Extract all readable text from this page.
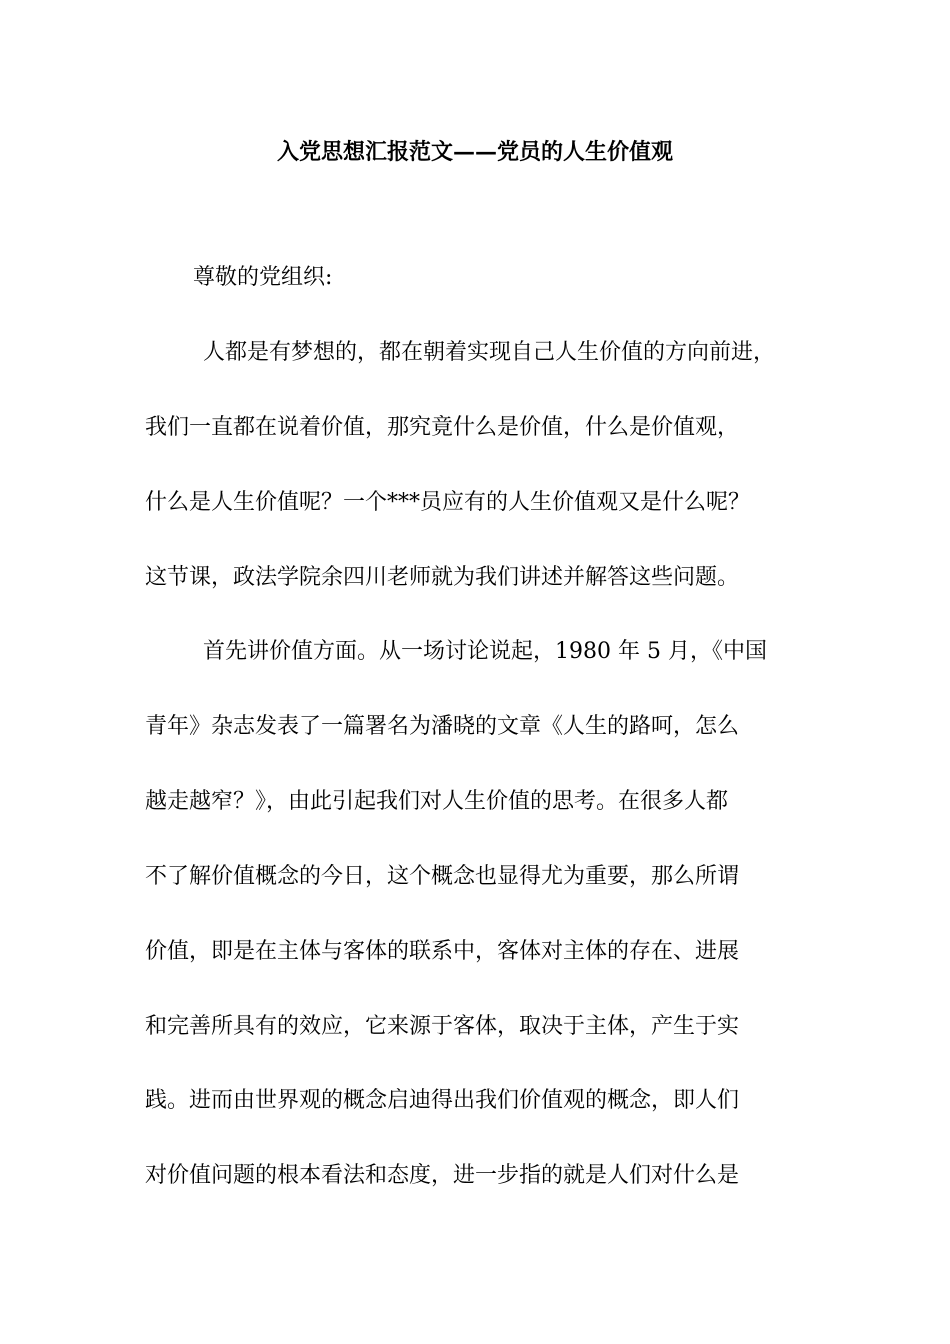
入党思想汇报范文——党员的人生价值观
尊敬的党组织:
人都是有梦想的，都在朝着实现自己人生价值的方向前进，
我们一直都在说着价值，那究竟什么是价值，什么是价值观，
什么是人生价值呢？一个***员应有的人生价值观又是什么呢？
这节课，政法学院余四川老师就为我们讲述并解答这些问题。
首先讲价值方面。从一场讨论说起，1980 年 5 月，《中国
青年》杂志发表了一篇署名为潘晓的文章《人生的路呵，怎么
越走越窄？》，由此引起我们对人生价值的思考。在很多人都
不了解价值概念的今日，这个概念也显得尤为重要，那么所谓
价值，即是在主体与客体的联系中，客体对主体的存在、进展
和完善所具有的效应，它来源于客体，取决于主体，产生于实
践。进而由世界观的概念启迪得出我们价值观的概念，即人们
对价值问题的根本看法和态度，进一步指的就是人们对什么是
